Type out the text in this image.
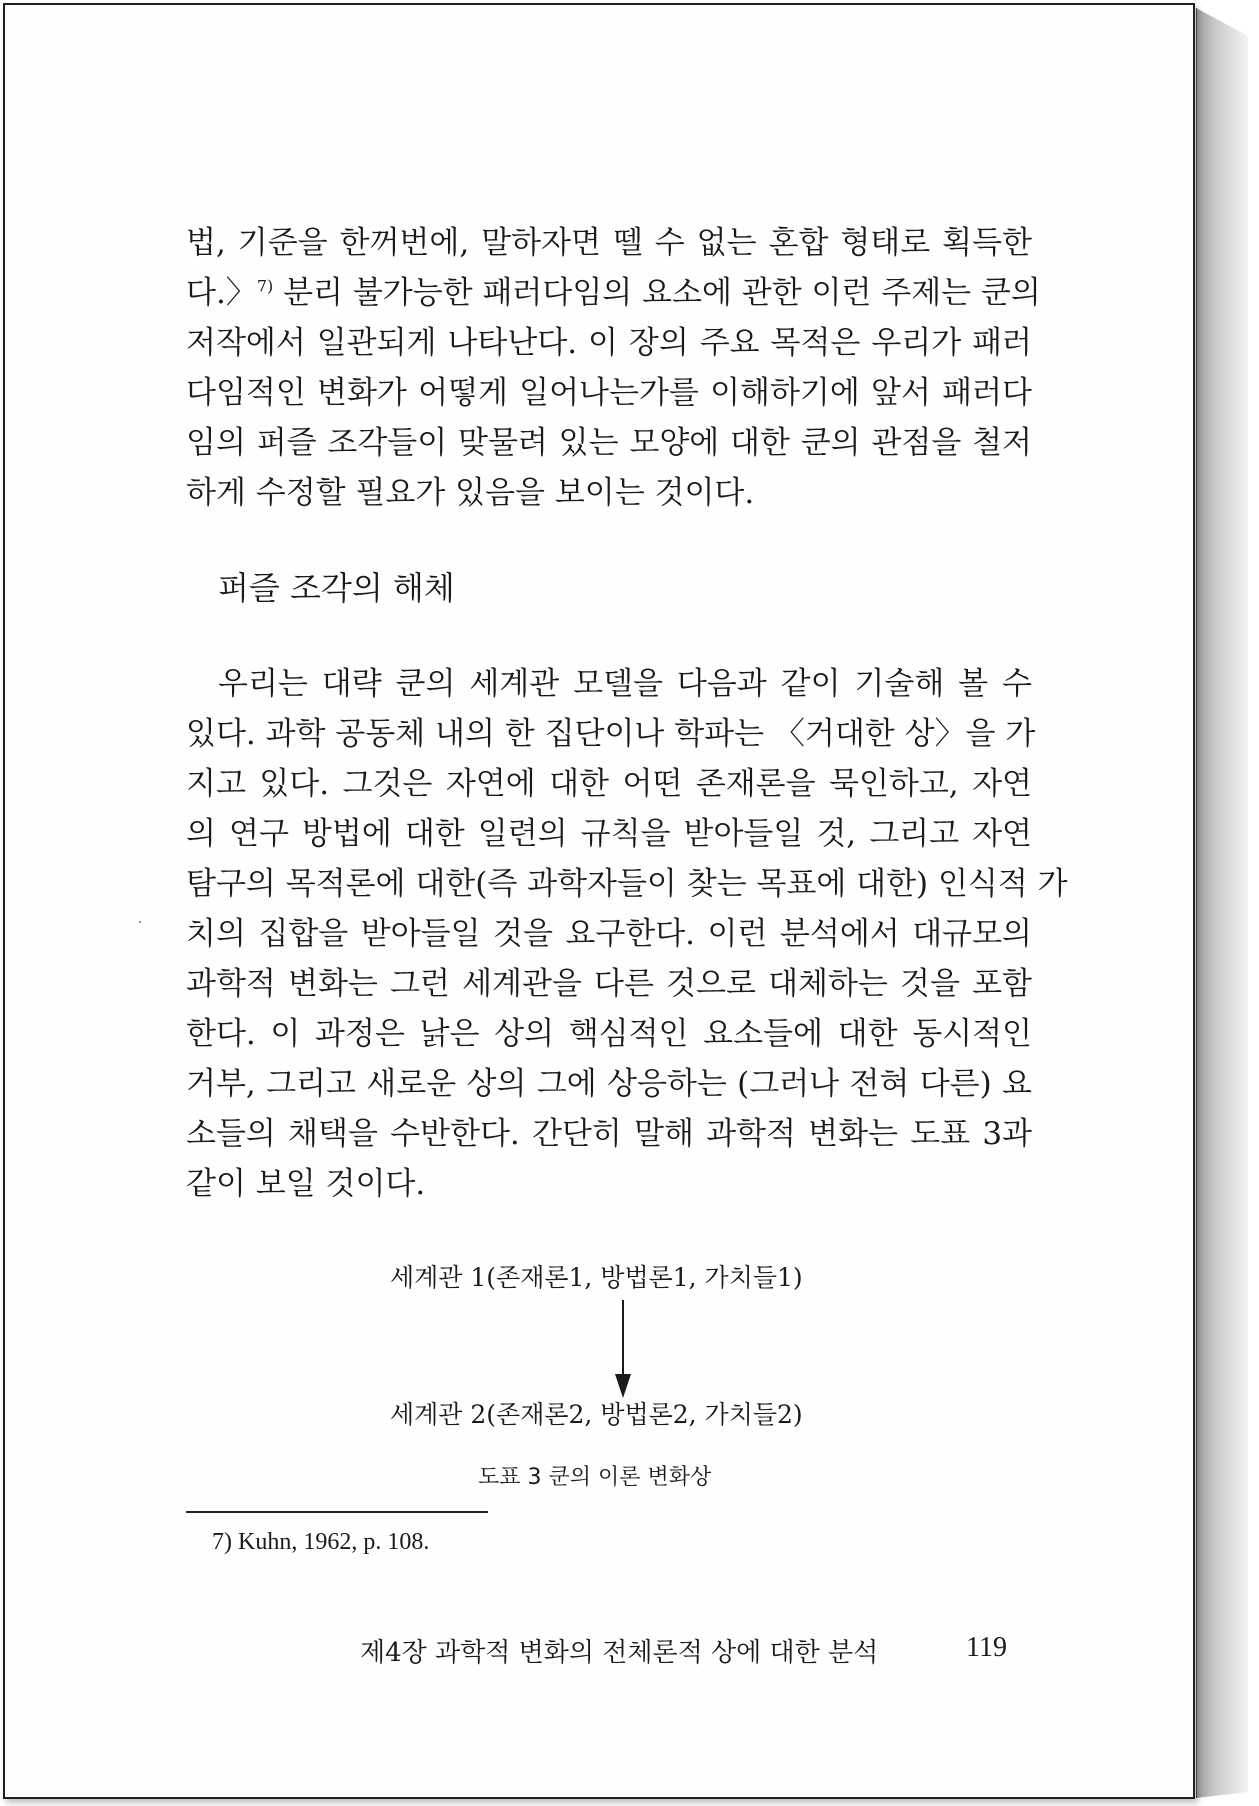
법, 기준을 한꺼번에, 말하자면 뗄 수 없는 혼합 형태로 획득한
다.〉$^{7)}$ 분리 불가능한 패러다임의 요소에 관한 이런 주제는 쿤의
저작에서 일관되게 나타난다. 이 장의 주요 목적은 우리가 패러
다임적인 변화가 어떻게 일어나는가를 이해하기에 앞서 패러다
임의 퍼즐 조각들이 맞물려 있는 모양에 대한 쿤의 관점을 철저
하게 수정할 필요가 있음을 보이는 것이다.
퍼즐 조각의 해체
우리는 대략 쿤의 세계관 모델을 다음과 같이 기술해 볼 수
있다. 과학 공동체 내의 한 집단이나 학파는 〈거대한 상〉을 가
지고 있다. 그것은 자연에 대한 어떤 존재론을 묵인하고, 자연
의 연구 방법에 대한 일련의 규칙을 받아들일 것, 그리고 자연
탐구의 목적론에 대한(즉 과학자들이 찾는 목표에 대한) 인식적 가
치의 집합을 받아들일 것을 요구한다. 이런 분석에서 대규모의
과학적 변화는 그런 세계관을 다른 것으로 대체하는 것을 포함
한다. 이 과정은 낡은 상의 핵심적인 요소들에 대한 동시적인
거부, 그리고 새로운 상의 그에 상응하는 (그러나 전혀 다른) 요
소들의 채택을 수반한다. 간단히 말해 과학적 변화는 도표 3과
같이 보일 것이다.
세계관 1(존재론1, 방법론1, 가치들1)
세계관 2(존재론2, 방법론2, 가치들2)
도표 3 쿤의 이론 변화상
7) Kuhn, 1962, p. 108.
제4장 과학적 변화의 전체론적 상에 대한 분석	119
